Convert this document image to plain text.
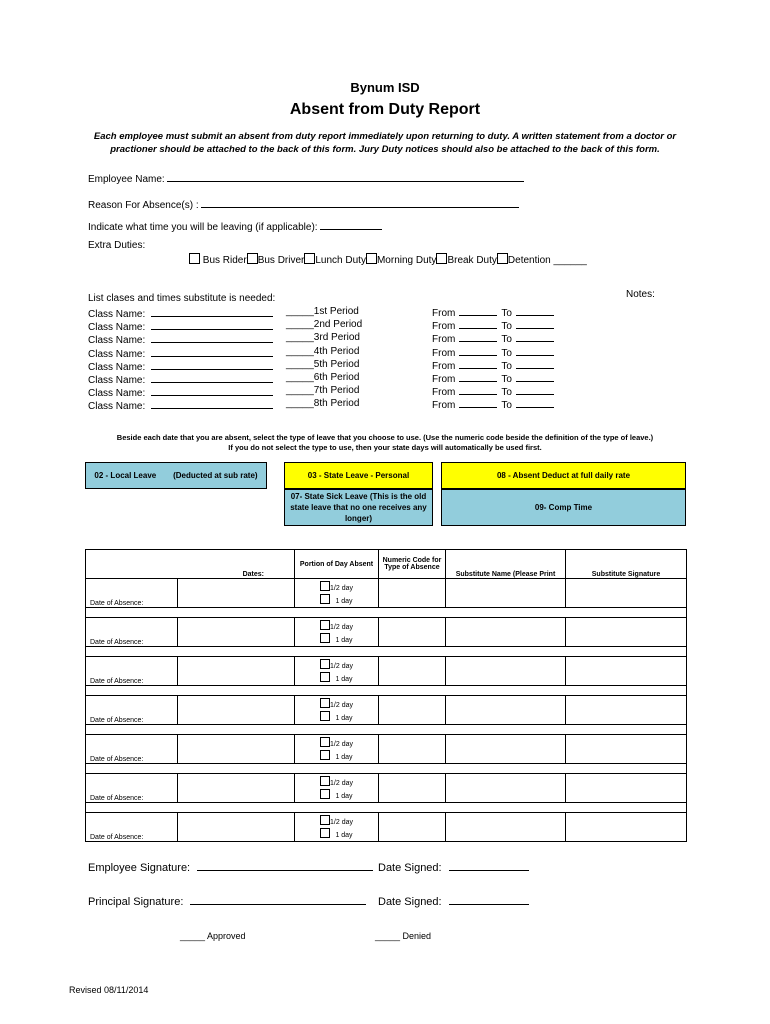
Bynum ISD
Absent from Duty Report
Each employee must submit an absent from duty report immediately upon returning to duty. A written statement from a doctor or practioner should be attached to the back of this form. Jury Duty notices should also be attached to the back of this form.
Employee Name:
Reason For Absence(s) :
Indicate what time you will be leaving (if applicable):
Extra Duties:
Bus Rider Bus Driver Lunch Duty Morning Duty Break Duty Detention ______
Notes:
List clases and times substitute is needed:
Class Name:	_____1st Period	From	To
Class Name:	_____2nd Period	From	To
Class Name:	_____3rd Period	From	To
Class Name:	_____4th Period	From	To
Class Name:	_____5th Period	From	To
Class Name:	_____6th Period	From	To
Class Name:	_____7th Period	From	To
Class Name:	_____8th Period	From	To
Beside each date that you are absent, select the type of leave that you choose to use. (Use the numeric code beside the definition of the type of leave.)
If you do not select the type to use, then your state days will automatically be used first.
02 - Local Leave (Deducted at sub rate)	03 - State Leave - Personal	08 - Absent Deduct at full daily rate
07- State Sick Leave (This is the old state leave that no one receives any longer)
09- Comp Time
	Dates:	Portion of Day Absent	Numeric Code for Type of Absence	Substitute Name (Please Print	Substitute Signature
Date of Absence:		1/2 day
1 day			

Date of Absence:		1/2 day
1 day			

Date of Absence:		1/2 day
1 day			

Date of Absence:		1/2 day
1 day			

Date of Absence:		1/2 day
1 day			

Date of Absence:		1/2 day
1 day			

Date of Absence:		1/2 day
1 day			

Employee Signature:	Date Signed:
Principal Signature:	Date Signed:
_____ Approved	_____ Denied
Revised 08/11/2014
